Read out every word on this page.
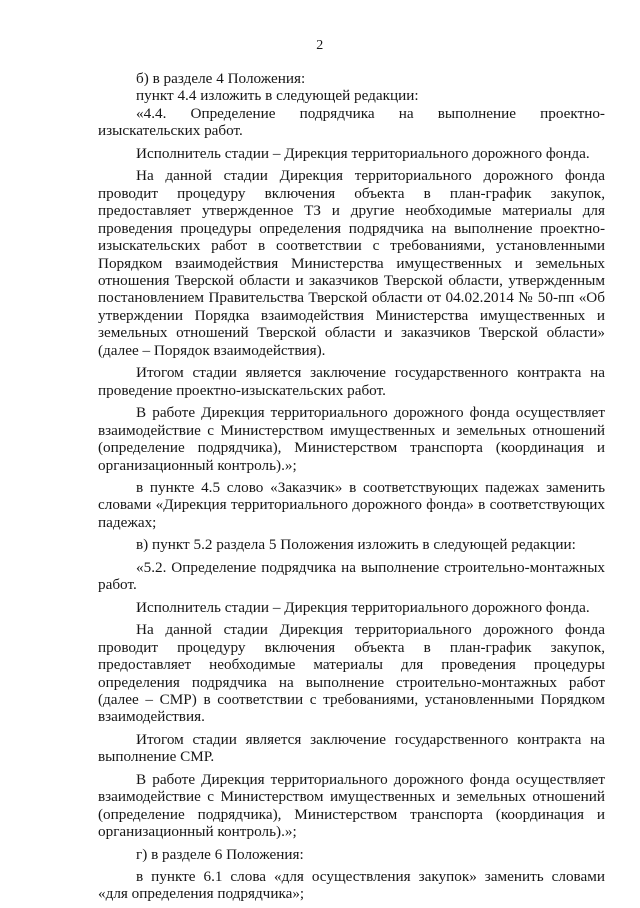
2

б) в разделе 4 Положения:

пункт 4.4 изложить в следующей редакции:

«4.4. Определение подрядчика на выполнение проектно-изыскательских работ.

Исполнитель стадии – Дирекция территориального дорожного фонда.

На данной стадии Дирекция территориального дорожного фонда проводит процедуру включения объекта в план-график закупок, предоставляет утвержденное ТЗ и другие необходимые материалы для проведения процедуры определения подрядчика на выполнение проектно-изыскательских работ в соответствии с требованиями, установленными Порядком взаимодействия Министерства имущественных и земельных отношения Тверской области и заказчиков Тверской области, утвержденным постановлением Правительства Тверской области от 04.02.2014 № 50-пп «Об утверждении Порядка взаимодействия Министерства имущественных и земельных отношений Тверской области и заказчиков Тверской области» (далее – Порядок взаимодействия).

Итогом стадии является заключение государственного контракта на проведение проектно-изыскательских работ.

В работе Дирекция территориального дорожного фонда осуществляет взаимодействие с Министерством имущественных и земельных отношений (определение подрядчика), Министерством транспорта (координация и организационный контроль).»;

в пункте 4.5 слово «Заказчик» в соответствующих падежах заменить словами «Дирекция территориального дорожного фонда» в соответствующих падежах;

в) пункт 5.2 раздела 5 Положения изложить в следующей редакции:

«5.2. Определение подрядчика на выполнение строительно-монтажных работ.

Исполнитель стадии – Дирекция территориального дорожного фонда.

На данной стадии Дирекция территориального дорожного фонда проводит процедуру включения объекта в план-график закупок, предоставляет необходимые материалы для проведения процедуры определения подрядчика на выполнение строительно-монтажных работ (далее – СМР) в соответствии с требованиями, установленными Порядком взаимодействия.

Итогом стадии является заключение государственного контракта на выполнение СМР.

В работе Дирекция территориального дорожного фонда осуществляет взаимодействие с Министерством имущественных и земельных отношений (определение подрядчика), Министерством транспорта (координация и организационный контроль).»;

г) в разделе 6 Положения:

в пункте 6.1 слова «для осуществления закупок» заменить словами «для определения подрядчика»;
